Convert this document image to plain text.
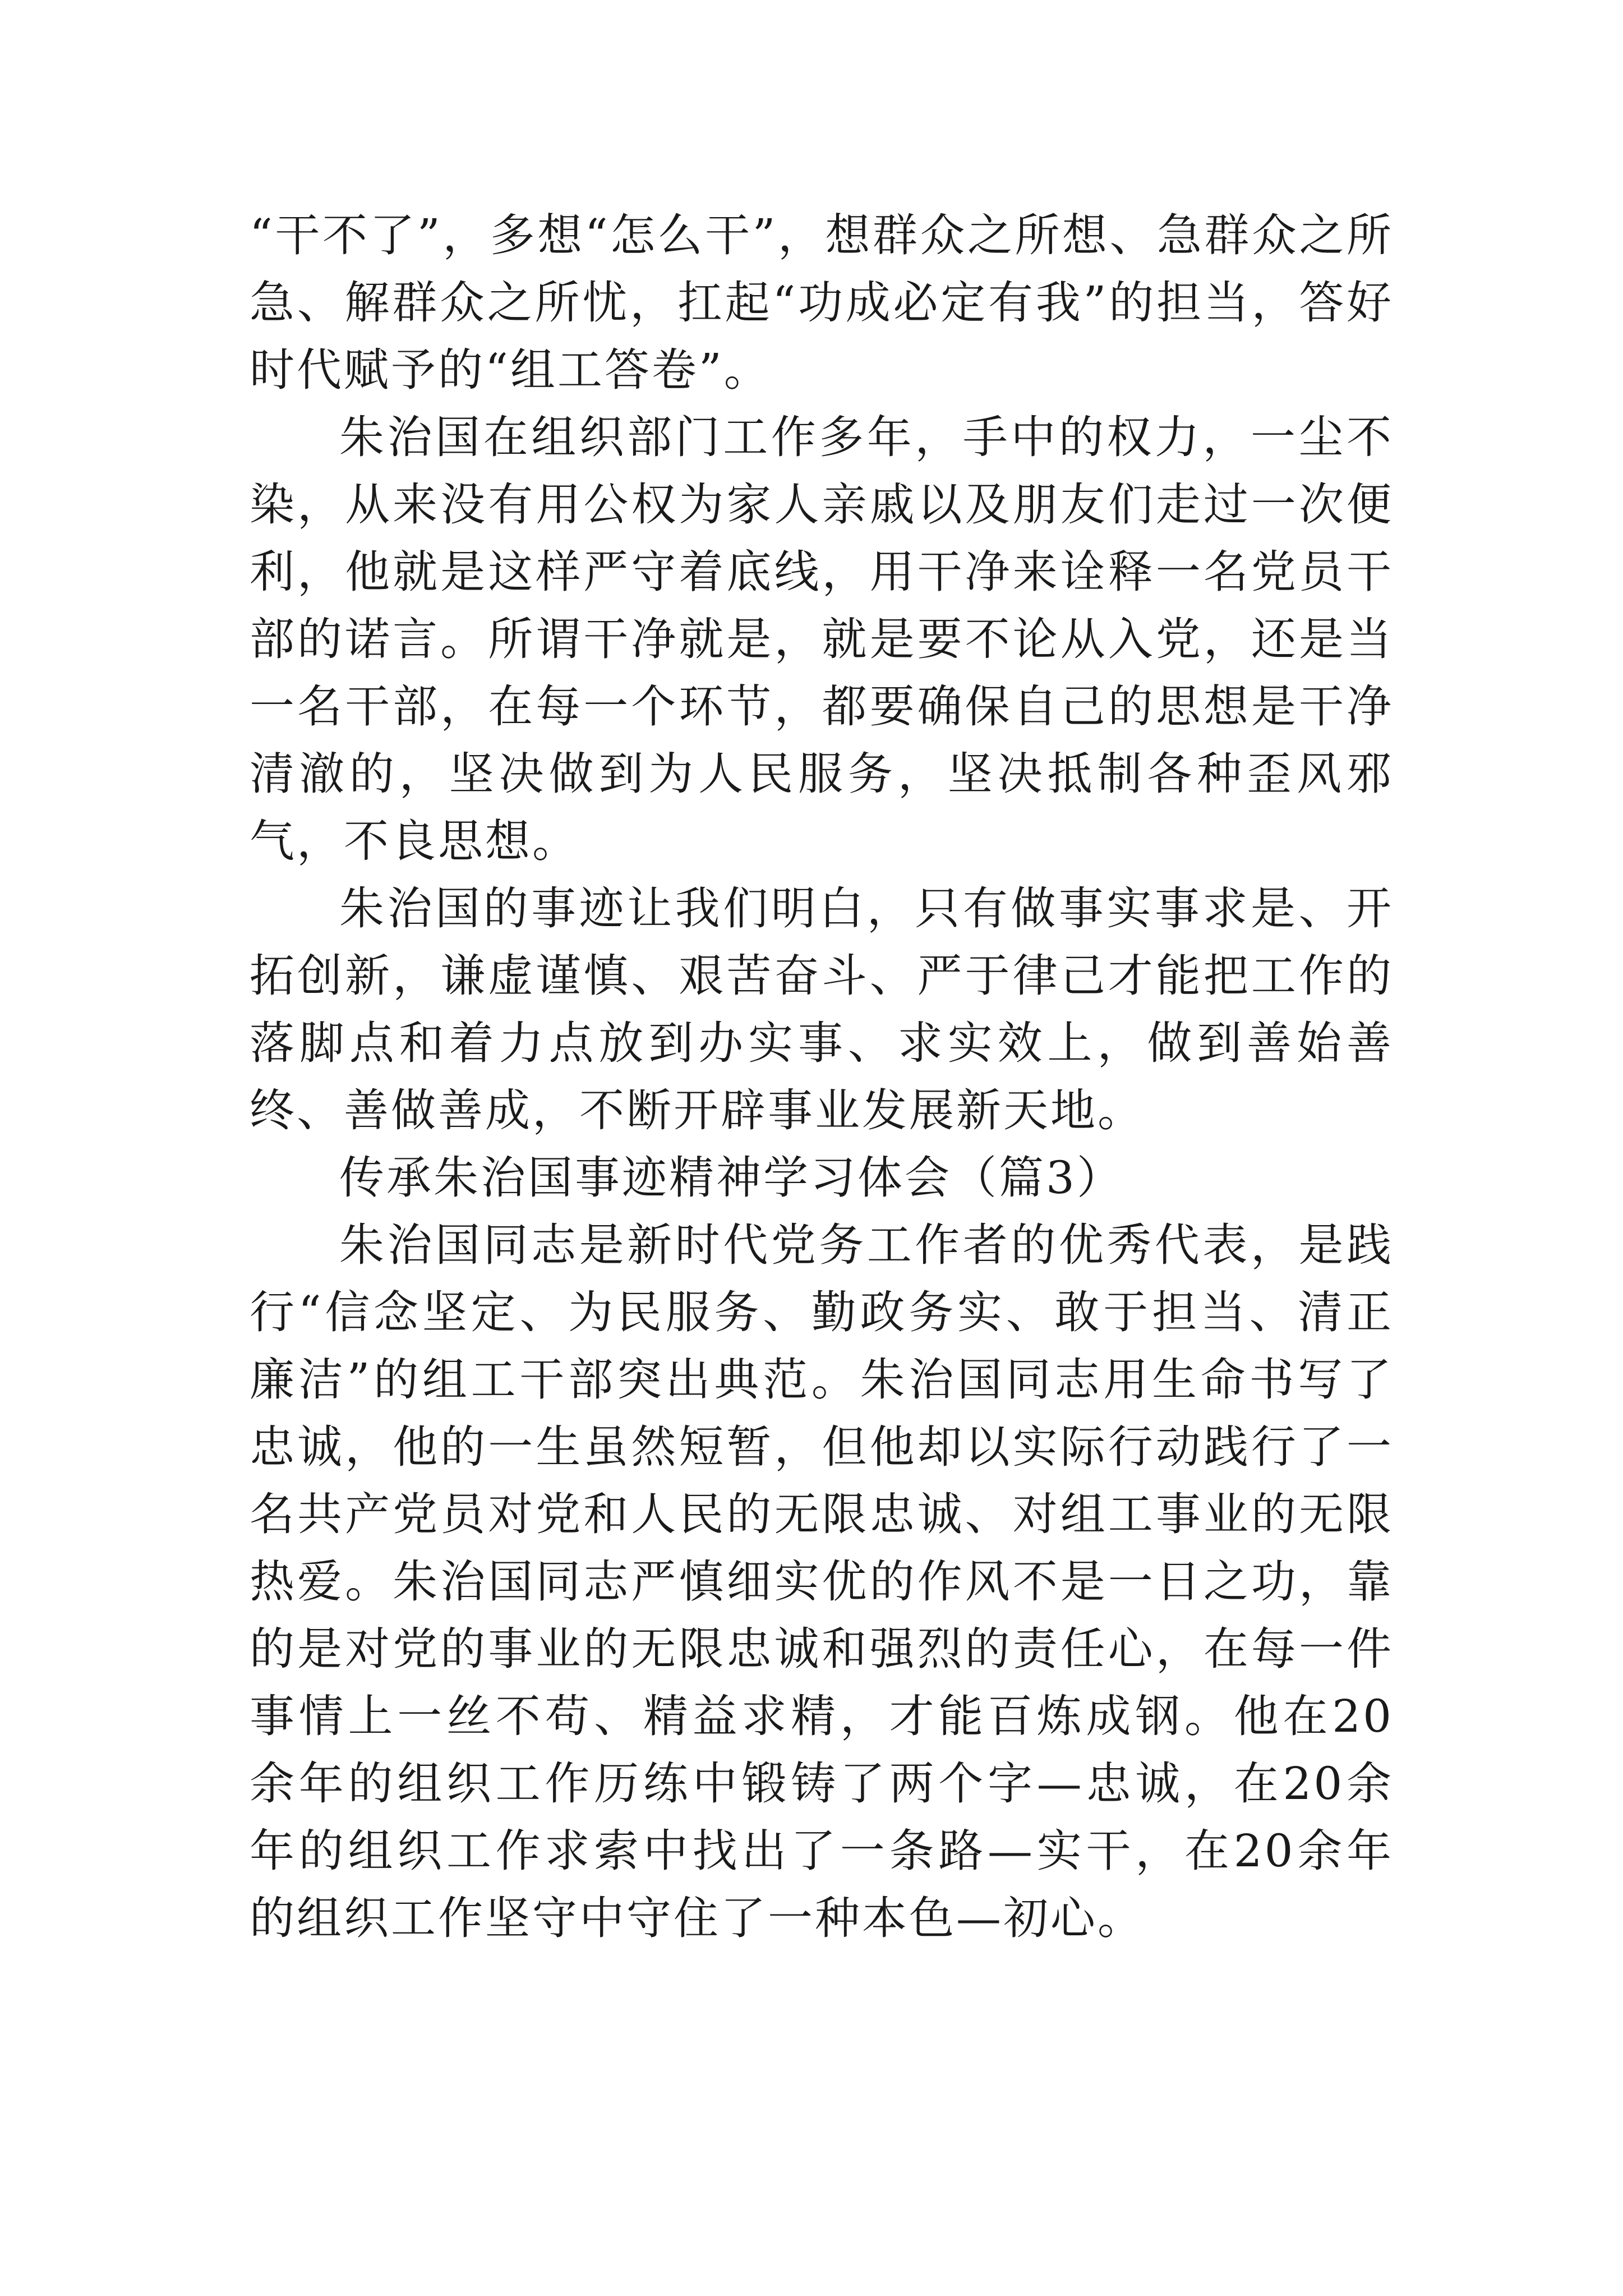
“干不了”，多想“怎么干”，想群众之所想、急群众之所急、解群众之所忧，扛起“功成必定有我”的担当，答好时代赋予的“组工答卷”。

朱治国在组织部门工作多年，手中的权力，一尘不染，从来没有用公权为家人亲戚以及朋友们走过一次便利，他就是这样严守着底线，用干净来诠释一名党员干部的诺言。所谓干净就是，就是要不论从入党，还是当一名干部，在每一个环节，都要确保自己的思想是干净清澈的，坚决做到为人民服务，坚决抵制各种歪风邪气，不良思想。

朱治国的事迹让我们明白，只有做事实事求是、开拓创新，谦虚谨慎、艰苦奋斗、严于律己才能把工作的落脚点和着力点放到办实事、求实效上，做到善始善终、善做善成，不断开辟事业发展新天地。

传承朱治国事迹精神学习体会（篇3）

朱治国同志是新时代党务工作者的优秀代表，是践行“信念坚定、为民服务、勤政务实、敢于担当、清正廉洁”的组工干部突出典范。朱治国同志用生命书写了忠诚，他的一生虽然短暂，但他却以实际行动践行了一名共产党员对党和人民的无限忠诚、对组工事业的无限热爱。朱治国同志严慎细实优的作风不是一日之功，靠的是对党的事业的无限忠诚和强烈的责任心，在每一件事情上一丝不苟、精益求精，才能百炼成钢。他在20余年的组织工作历练中锻铸了两个字—忠诚，在20余年的组织工作求索中找出了一条路—实干，在20余年的组织工作坚守中守住了一种本色—初心。
